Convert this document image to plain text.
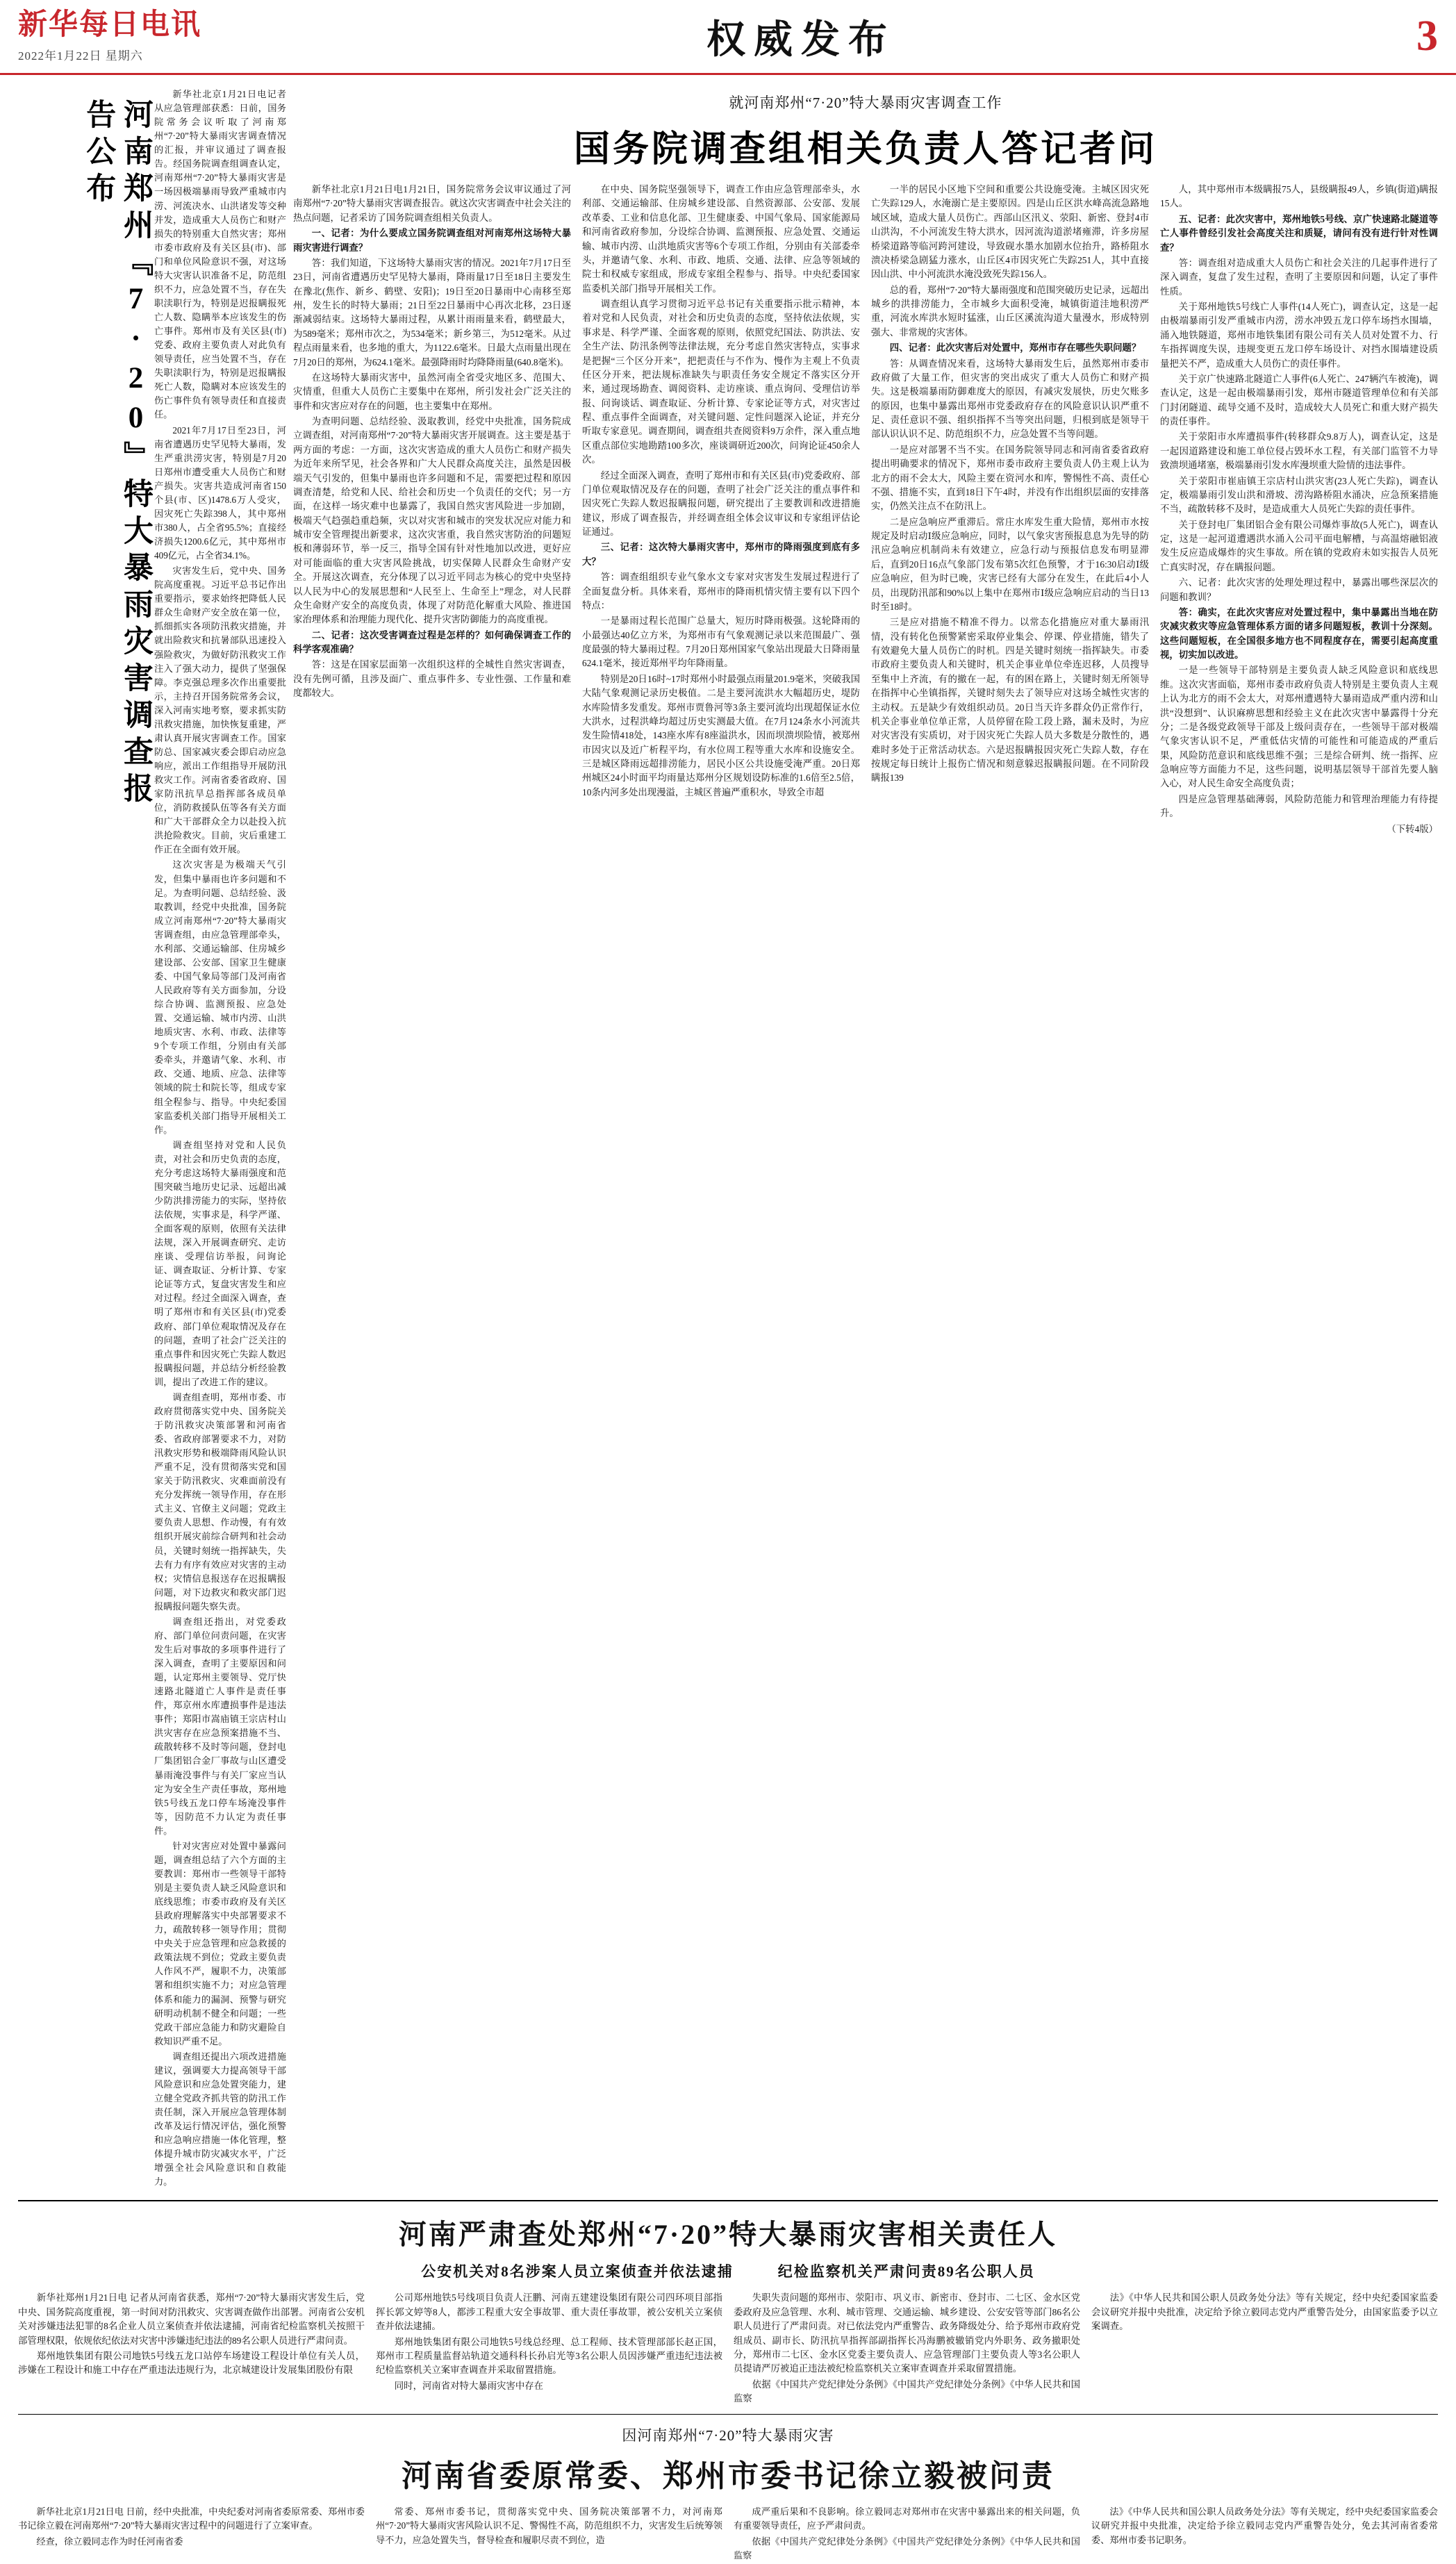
新华每日电讯
2022年1月22日 星期六	权威发布	3
河南郑州『7·20』特大暴雨灾害调查报告公布

新华社北京1月21日电记者从应急管理部获悉：日前，国务院常务会议听取了河南郑州“7·20”特大暴雨灾害调查情况的汇报，并审议通过了调查报告。经国务院调查组调查认定，河南郑州“7·20”特大暴雨灾害是一场因极端暴雨导致严重城市内涝、河流决水、山洪诸发等交种并发，造成重大人员伤亡和财产损失的特别重大自然灾害；郑州市委市政府及有关区县(市)、部门和单位风险意识不强，对这场特大灾害认识准备不足，防范组织不力，应急处置不当，存在失职渎职行为，特别是迟报瞒报死亡人数、隐瞒举本应该发生的伤亡事件。郑州市及有关区县(市)党委、政府主要负责人对此负有领导责任，应当处置不当，存在失职渎职行为，特别是迟报瞒报死亡人数，隐瞒对本应该发生的伤亡事件负有领导责任和直接责任。

2021年7月17日至23日，河南省遭遇历史罕见特大暴雨，发生严重洪涝灾害，特别是7月20日郑州市遭受重大人员伤亡和财产损失。灾害共造成河南省150个县(市、区)1478.6万人受灾，因灾死亡失踪398人，其中郑州市380人，占全省95.5%；直接经济损失1200.6亿元，其中郑州市409亿元，占全省34.1%。

灾害发生后，党中央、国务院高度重视。习近平总书记作出重要指示，要求始终把降低人民群众生命财产安全放在第一位，抓细抓实各项防汛救灾措施，并就出险救灾和抗暑部队迅速投入强险救灾，为做好防汛救灾工作注入了强大动力，提供了坚强保障。李克强总理多次作出重要批示，主持召开国务院常务会议，深入河南实地考察，要求抓实防汛救灾措施，加快恢复重建，严肃认真开展灾害调查工作。国家防总、国家减灾委会即启动应急响应，派出工作组指导开展防汛救灾工作。河南省委省政府、国家防汛抗旱总指挥部各成员单位，消防救援队伍等各有关方面和广大干部群众全力以赴投入抗洪抢险救灾。目前，灾后重建工作正在全面有效开展。

这次灾害是为极端天气引发，但集中暴雨也许多问题和不足。为查明问题、总结经验、汲取教训，经党中央批准，国务院成立河南郑州“7·20”特大暴雨灾害调查组，由应急管理部牵头，水利部、交通运输部、住房城乡建设部、公安部、国家卫生健康委、中国气象局等部门及河南省人民政府等有关方面参加，分设综合协调、监测预报、应急处置、交通运输、城市内涝、山洪地质灾害、水利、市政、法律等9个专项工作组，分别由有关部委牵头，并邀请气象、水利、市政、交通、地质、应急、法律等领域的院士和院长等，组成专家组全程参与、指导。中央纪委国家监委机关部门指导开展相关工作。

调查组坚持对党和人民负责，对社会和历史负责的态度，充分考虑这场特大暴雨强度和范围突破当地历史记录、远超出减少防洪排涝能力的实际，坚持依法依规，实事求是，科学严谨、全面客观的原则，依照有关法律法规，深入开展调查研究、走访座谈、受理信访举报，问询论证、调查取证、分析计算、专家论证等方式，复盘灾害发生和应对过程。经过全面深入调查，查明了郑州市和有关区县(市)党委政府、部门单位观取情况及存在的问题，查明了社会广泛关注的重点事件和因灾死亡失踪人数迟报瞒报问题，并总结分析经验教训，提出了改进工作的建议。

调查组查明，郑州市委、市政府贯彻落实党中央、国务院关于防汛救灾决策部署和河南省委、省政府部署要求不力，对防汛救灾形势和极端降雨风险认识严重不足，没有贯彻落实党和国家关于防汛救灾、灾难面前没有充分发挥统一领导作用，存在形式主义、官僚主义问题；党政主要负责人思想、作动慢，有有效组织开展灾前综合研判和社会动员，关键时刻统一指挥缺失，失去有力有序有效应对灾害的主动权；灾情信息报送存在迟报瞒报问题，对下边救灾和救灾部门迟报瞒报问题失察失责。

调查组还指出，对党委政府、部门单位问责问题，在灾害发生后对事故的多项事件进行了深入调查，查明了主要原因和问题，认定郑州主要领导、党厅快速路北隧道亡人事件是责任事件，郑京州水库遭损事件是违法事件；郑阳市嵩庙镇王宗店村山洪灾害存在应急预案措施不当、疏散转移不及时等问题，登封电厂集团铝合金厂事故与山区遭受暴雨淹没事件与有关厂家应当认定为安全生产责任事故，郑州地铁5号线五龙口停车场淹没事件等，因防范不力认定为责任事件。

针对灾害应对处置中暴露问题，调查组总结了六个方面的主要教训：郑州市一些领导干部特别是主要负责人缺乏风险意识和底线思维；市委市政府及有关区县政府理解落实中央部署要求不力，疏散转移一领导作用；贯彻中央关于应急管理和应急救援的政策法规不到位；党政主要负责人作风不严，履职不力，决策部署和组织实施不力；对应急管理体系和能力的漏洞、预警与研究研明动机制不健全和问题；一些党政干部应急能力和防灾避险自救知识严重不足。

调查组还提出六项改进措施建议，强调要大力提高领导干部风险意识和应急处置突能力，建立健全党政齐抓共管的防汛工作责任制，深入开展应急管理体制改革及运行情况评估，强化预警和应急响应措施一体化管理，整体提升城市防灾减灾水平，广泛增强全社会风险意识和自救能力。

就河南郑州“7·20”特大暴雨灾害调查工作
国务院调查组相关负责人答记者问

新华社北京1月21日电1月21日，国务院常务会议审议通过了河南郑州“7·20”特大暴雨灾害调查报告。就这次灾害调查中社会关注的热点问题，记者采访了国务院调查组相关负责人。

一、记者：为什么要成立国务院调查组对河南郑州这场特大暴雨灾害进行调查？

答：我们知道，下这场特大暴雨灾害的情况。2021年7月17日至23日，河南省遭遇历史罕见特大暴雨，降雨量17日至18日主要发生在豫北(焦作、新乡、鹤壁、安阳)；19日至20日暴雨中心南移至郑州，发生长的时特大暴雨；21日至22日暴雨中心再次北移，23日逐渐减弱结束。这场特大暴雨过程，从累计雨雨量来看，鹤壁最大，为589毫米；郑州市次之，为534毫米；新乡第三，为512毫米。从过程点雨量来看，也多地的重大，为1122.6毫米。日最大点雨量出现在7月20日的郑州，为624.1毫米。最强降雨时均降降雨量(640.8毫米)。

在这场特大暴雨灾害中，虽然河南全省受灾地区多、范围大、灾情重，但重大人员伤亡主要集中在郑州，所引发社会广泛关注的事件和灾害应对存在的问题，也主要集中在郑州。

为查明问题、总结经验、汲取教训，经党中央批准，国务院成立调查组，对河南郑州“7·20”特大暴雨灾害开展调查。这主要是基于两方面的考虑：一方面，这次灾害造成的重大人员伤亡和财产损失为近年来所罕见，社会各界和广大人民群众高度关注，虽然是因极端天气引发的，但集中暴雨也许多问题和不足，需要把过程和原因调查清楚，给党和人民、给社会和历史一个负责任的交代；另一方面，在这样一场灾难中也暴露了，我国自然灾害风险进一步加剧，极端天气趋强趋重趋频，灾以对灾害和城市的突发状况应对能力和城市安全管理提出新要求，这次灾害重，我自然灾害防治的问题短板和薄弱环节，举一反三，指导全国有针对性地加以改进，更好应对可能面临的重大灾害风险挑战，切实保障人民群众生命财产安全。开展这次调查，充分体现了以习近平同志为核心的党中央坚持以人民为中心的发展思想和“人民至上、生命至上”理念，对人民群众生命财产安全的高度负责，体现了对防范化解重大风险、推进国家治理体系和治理能力现代化、提升灾害防御能力的高度重视。

二、记者：这次受害调查过程是怎样的？如何确保调查工作的科学客观准确？

答：这是在国家层面第一次组织这样的全城性自然灾害调查，没有先例可循，且涉及面广、重点事件多、专业性强、工作量和难度都较大。

在中央、国务院坚强领导下，调查工作由应急管理部牵头，水利部、交通运输部、住房城乡建设部、自然资源部、公安部、发展改革委、工业和信息化部、卫生健康委、中国气象局、国家能源局和河南省政府参加，分设综合协调、监测预报、应急处置、交通运输、城市内涝、山洪地质灾害等6个专项工作组，分别由有关部委牵头，并邀请气象、水利、市政、地质、交通、法律、应急等领域的院士和权威专家组成，形成专家组全程参与、指导。中央纪委国家监委机关部门指导开展相关工作。

调查组认真学习贯彻习近平总书记有关重要指示批示精神，本着对党和人民负责，对社会和历史负责的态度，坚持依法依规，实事求是、科学严谨、全面客观的原则，依照党纪国法、防洪法、安全生产法、防汛条例等法律法规，充分考虑自然灾害特点，实事求是把握“三个区分开来”，把把责任与不作为、慢作为主观上不负责任区分开来，把法规标准缺失与职责任务安全规定不落实区分开来，通过现场勘查、调阅资料、走访座谈、重点询问、受理信访举报、问询谈话、调查取证、分析计算、专家论证等方式，对灾害过程、重点事件全面调查，对关键问题、定性问题深入论证，并充分听取专家意见。调查期间，调查组共查阅资料9万余件，深入重点地区重点部位实地勘踏100多次，座谈调研近200次，问询论证450余人次。

经过全面深入调查，查明了郑州市和有关区县(市)党委政府、部门单位观取情况及存在的问题，查明了社会广泛关注的重点事件和因灾死亡失踪人数迟报瞒报问题，研究提出了主要教训和改进措施建议，形成了调查报告，并经调查组全体会议审议和专家组评估论证通过。

三、记者：这次特大暴雨灾害中，郑州市的降雨强度到底有多大？

答：调查组组织专业气象水文专家对灾害发生发展过程进行了全面复盘分析。具体来看，郑州市的降雨机情灾情主要有以下四个特点：

一是暴雨过程长范围广总量大，短历时降雨极强。这轮降雨的小最强达40亿立方米，为郑州市有气象观测记录以来范围最广、强度最强的特大暴雨过程。7月20日郑州国家气象站出现最大日降雨量624.1毫米，接近郑州平均年降雨量。

特别是20日16时~17时郑州小时最强点雨量201.9毫米，突破我国大陆气象观测记录历史极值。二是主要河流洪水大幅超历史，堤防水库险情多发重发。郑州市贾鲁河等3条主要河流均出现超保证水位大洪水，过程洪峰均超过历史实测最大值。在7月124条水小河流共发生险情418处，143座水库有8座溢洪水，因而坝溃坝险情，被郑州市因灾以及近广析程平均，有水位周工程等重大水库和设施安全。三是城区降雨远超排涝能力，居民小区公共设施受淹严重。20日郑州城区24小时面平均雨量达郑州分区规划设防标准的1.6倍至2.5倍，10条内河多处出现漫溢，主城区普遍严重积水，导致全市超

一半的居民小区地下空间和重要公共设施受淹。主城区因灾死亡失踪129人，水淹溺亡是主要原因。四是山丘区洪水峰高流急路地域区域，造成大量人员伤亡。西部山区汛义、荥阳、新密、登封4市山洪沟，不小河流发生特大洪水，因河流沟道淤堵雍滞，许多房屋桥梁道路等临河跨河建设，导致砚水墨水加剧水位抬升，路桥阻水溃决桥梁急剧猛力涨水，山丘区4市因灾死亡失踪251人，其中直接因山洪、中小河流洪水淹没致死失踪156人。

总的看，郑州“7·20”特大暴雨强度和范围突破历史记录，远超出城乡的洪排涝能力，全市城乡大面积受淹，城镇街道洼地积涝严重，河流水库洪水短时猛涨，山丘区溪流沟道大量漫水，形成特别强大、非常规的灾害体。

四、记者：此次灾害后对处置中，郑州市存在哪些失职问题？

答：从调查情况来看，这场特大暴雨发生后，虽然郑州市委市政府做了大量工作，但灾害的突出成灾了重大人员伤亡和财产损失。这是极端暴雨防御难度大的原因，有减灾发展快，历史欠账多的原因，也集中暴露出郑州市党委政府存在的风险意识认识严重不足、责任意识不强、组织指挥不当等突出问题，归根到底是领导干部认识认识不足、防范组织不力，应急处置不当等问题。

一是应对部署不当不实。在国务院领导同志和河南省委省政府提出明确要求的情况下，郑州市委市政府主要负责人仍主观上认为北方的雨不会太大，风险主要在资河水和库，警惕性不高、责任心不强、措施不实，直到18日下午4时，并没有作出组织层面的安排落实，仍然关注点不在防汛上。

二是应急响应严重滞后。常庄水库发生重大险情，郑州市水按规定及时启动Ⅰ级应急响应，同时，以气象灾害预报息息为先导的防汛应急响应机制尚未有效建立，应急行动与预报信息发布明显滞后，直到20日16点气象部门发布第5次红色预警，才于16:30启动Ⅰ级应急响应，但为时已晚，灾害已经有大部分在发生，在此后4小人员，出现防汛部和90%以上集中在郑州市Ⅰ级应急响应启动的当日13时至18时。

三是应对措施不精准不得力。以常态化措施应对重大暴雨汛情，没有转化色预警紧密采取停业集会、停课、停业措施，错失了有效避免大量人员伤亡的时机。四是关键时刻统一指挥缺失。市委市政府主要负责人和关键时，机关企事业单位牵连迟移，人员搜导至集中上齐流，有的撤在一起，有的困在路上，关键时刻无所领导在指挥中心坐镇指挥，关键时刻失去了领导应对这场全城性灾害的主动权。五是缺少有效组织动员。20日当天许多群众仍正常作行，机关企事业单位单正常，人员停留在险工段上路，漏未及时，为应对灾害没有实质切，对于因灾死亡失踪人员大多数是分散性的，遇难时多处于正常活动状态。六是迟报瞒报因灾死亡失踪人数，存在按规定每日统计上报伤亡情况和刻意躲迟报瞒报问题。在不同阶段瞒报139

人，其中郑州市本级瞒报75人，县级瞒报49人，乡镇(街道)瞒报15人。

五、记者：此次灾害中，郑州地铁5号线、京广快速路北隧道等亡人事件曾经引发社会高度关注和质疑，请问有没有进行针对性调查？

答：调查组对造成重大人员伤亡和社会关注的几起事件进行了深入调查，复盘了发生过程，查明了主要原因和问题，认定了事件性质。

关于郑州地铁5号线亡人事件(14人死亡)，调查认定，这是一起由极端暴雨引发严重城市内涝，涝水冲毁五龙口停车场挡水围墙，涌入地铁隧道，郑州市地铁集团有限公司有关人员对处置不力、行车指挥调度失误，违规变更五龙口停车场设计、对挡水围墙建设质量把关不严，造成重大人员伤亡的责任事件。

关于京广快速路北隧道亡人事件(6人死亡、247辆汽车被淹)，调查认定，这是一起由极端暴雨引发，郑州市隧道管理单位和有关部门封闭隧道、疏导交通不及时，造成较大人员死亡和重大财产损失的责任事件。

关于荥阳市水库遭损事件(转移群众9.8万人)，调查认定，这是一起因道路建设和施工单位侵占毁坏水工程，有关部门监管不力导致溃坝通堵塞，极端暴雨引发水库漫坝重大险情的违法事件。

关于荥阳市崔庙镇王宗店村山洪灾害(23人死亡失踪)，调查认定，极端暴雨引发山洪和滑坡、涝沟路桥阻水涌决，应急预案措施不当，疏散转移不及时，是造成重大人员死亡失踪的责任事件。

关于登封电厂集团铝合金有限公司爆炸事故(5人死亡)，调查认定，这是一起河道遭遇洪水涌入公司平面电解槽，与高温熔融铝液发生反应造成爆炸的灾生事故。所在镇的党政府未如实报告人员死亡真实时况，存在瞒报问题。

六、记者：此次灾害的处理处理过程中，暴露出哪些深层次的问题和教训？

答：确实，在此次灾害应对处置过程中，集中暴露出当地在防灾减灾救灾等应急管理体系方面的诸多问题短板，教训十分深刻。这些问题短板，在全国很多地方也不同程度存在，需要引起高度重视，切实加以改进。

一是一些领导干部特别是主要负责人缺乏风险意识和底线思维。这次灾害面临，郑州市委市政府负责人特别是主要负责人主观上认为北方的雨不会太大，对郑州遭遇特大暴雨造成严重内涝和山洪“没想到”、认识麻痹思想和经验主义在此次灾害中暴露得十分充分；二是各级党政领导干部及上级问责存在，一些领导干部对极端气象灾害认识不足，严重低估灾情的可能性和可能造成的严重后果，风险防范意识和底线思维不强；三是综合研判、统一指挥、应急响应等方面能力不足，这些问题，说明基层领导干部首先要人脑入心，对人民生命安全高度负责；

四是应急管理基础薄弱，风险防范能力和管理治理能力有待提升。

（下转4版）

河南严肃查处郑州“7·20”特大暴雨灾害相关责任人
公安机关对8名涉案人员立案侦查并依法逮捕	纪检监察机关严肃问责89名公职人员

新华社郑州1月21日电 记者从河南省获悉，郑州“7·20”特大暴雨灾害发生后，党中央、国务院高度重视，第一时间对防汛救灾、灾害调查做作出部署。河南省公安机关对涉嫌违法犯罪的8名企业人员立案侦查并依法逮捕，河南省纪检监察机关按照干部管理权限，依规依纪依法对灾害中涉嫌违纪违法的89名公职人员进行严肃问责。

郑州地铁集团有限公司地铁5号线五龙口站停车场建设工程设计单位有关人员，涉嫌在工程设计和施工中存在严重违法违规行为，北京城建设计发展集团股份有限

公司郑州地铁5号线项目负责人汪鹏、河南五建建设集团有限公司四环项目部指挥长郭文婷等8人，都涉工程重大安全事故罪、重大责任事故罪，被公安机关立案侦查并依法逮捕。

郑州地铁集团有限公司地铁5号线总经理、总工程师、技术管理部部长赵正国，郑州市工程质量监督站轨道交通科科长孙启光等3名公职人员因涉嫌严重违纪违法被纪检监察机关立案审查调查并采取留置措施。

同时，河南省对特大暴雨灾害中存在

失职失责问题的郑州市、荥阳市、巩义市、新密市、登封市、二七区、金水区党委政府及应急管理、水利、城市管理、交通运输、城乡建设、公安安管等部门86名公职人员进行了严肃问责。对已依法党内严重警告、政务降级处分、给予郑州市政府党组成员、副市长、防汛抗旱指挥部副指挥长冯海鹏被辙销党内外职务、政务撤职处分，郑州市二七区、金水区党委主要负责人、应急管理部门主要负责人等3名公职人员提请严厉被追正违法被纪检监察机关立案审查调查并采取留置措施。

依据《中国共产党纪律处分条例》《中国共产党纪律处分条例》《中华人民共和国监察

法》《中华人民共和国公职人员政务处分法》等有关规定，经中央纪委国家监委会议研究并报中央批准，决定给予徐立毅同志党内严重警告处分，由国家监委予以立案调查。

因河南郑州“7·20”特大暴雨灾害
河南省委原常委、郑州市委书记徐立毅被问责

新华社北京1月21日电 日前，经中央批准，中央纪委对河南省委原常委、郑州市委书记徐立毅在河南郑州“7·20”特大暴雨灾害过程中的问题进行了立案审查。

经查，徐立毅同志作为时任河南省委

常委、郑州市委书记，贯彻落实党中央、国务院决策部署不力，对河南郑州“7·20”特大暴雨灾害风险认识不足、警惕性不高，防范组织不力，灾害发生后统筹领导不力，应急处置失当，督导检查和履职尽责不到位，造

成严重后果和不良影响。徐立毅同志对郑州市在灾害中暴露出来的相关问题，负有重要领导责任，应予严肃问责。

依据《中国共产党纪律处分条例》《中国共产党纪律处分条例》《中华人民共和国监察

法》《中华人民共和国公职人员政务处分法》等有关规定，经中央纪委国家监委会议研究并报中央批准，决定给予徐立毅同志党内严重警告处分，免去其河南省委常委、郑州市委书记职务。
